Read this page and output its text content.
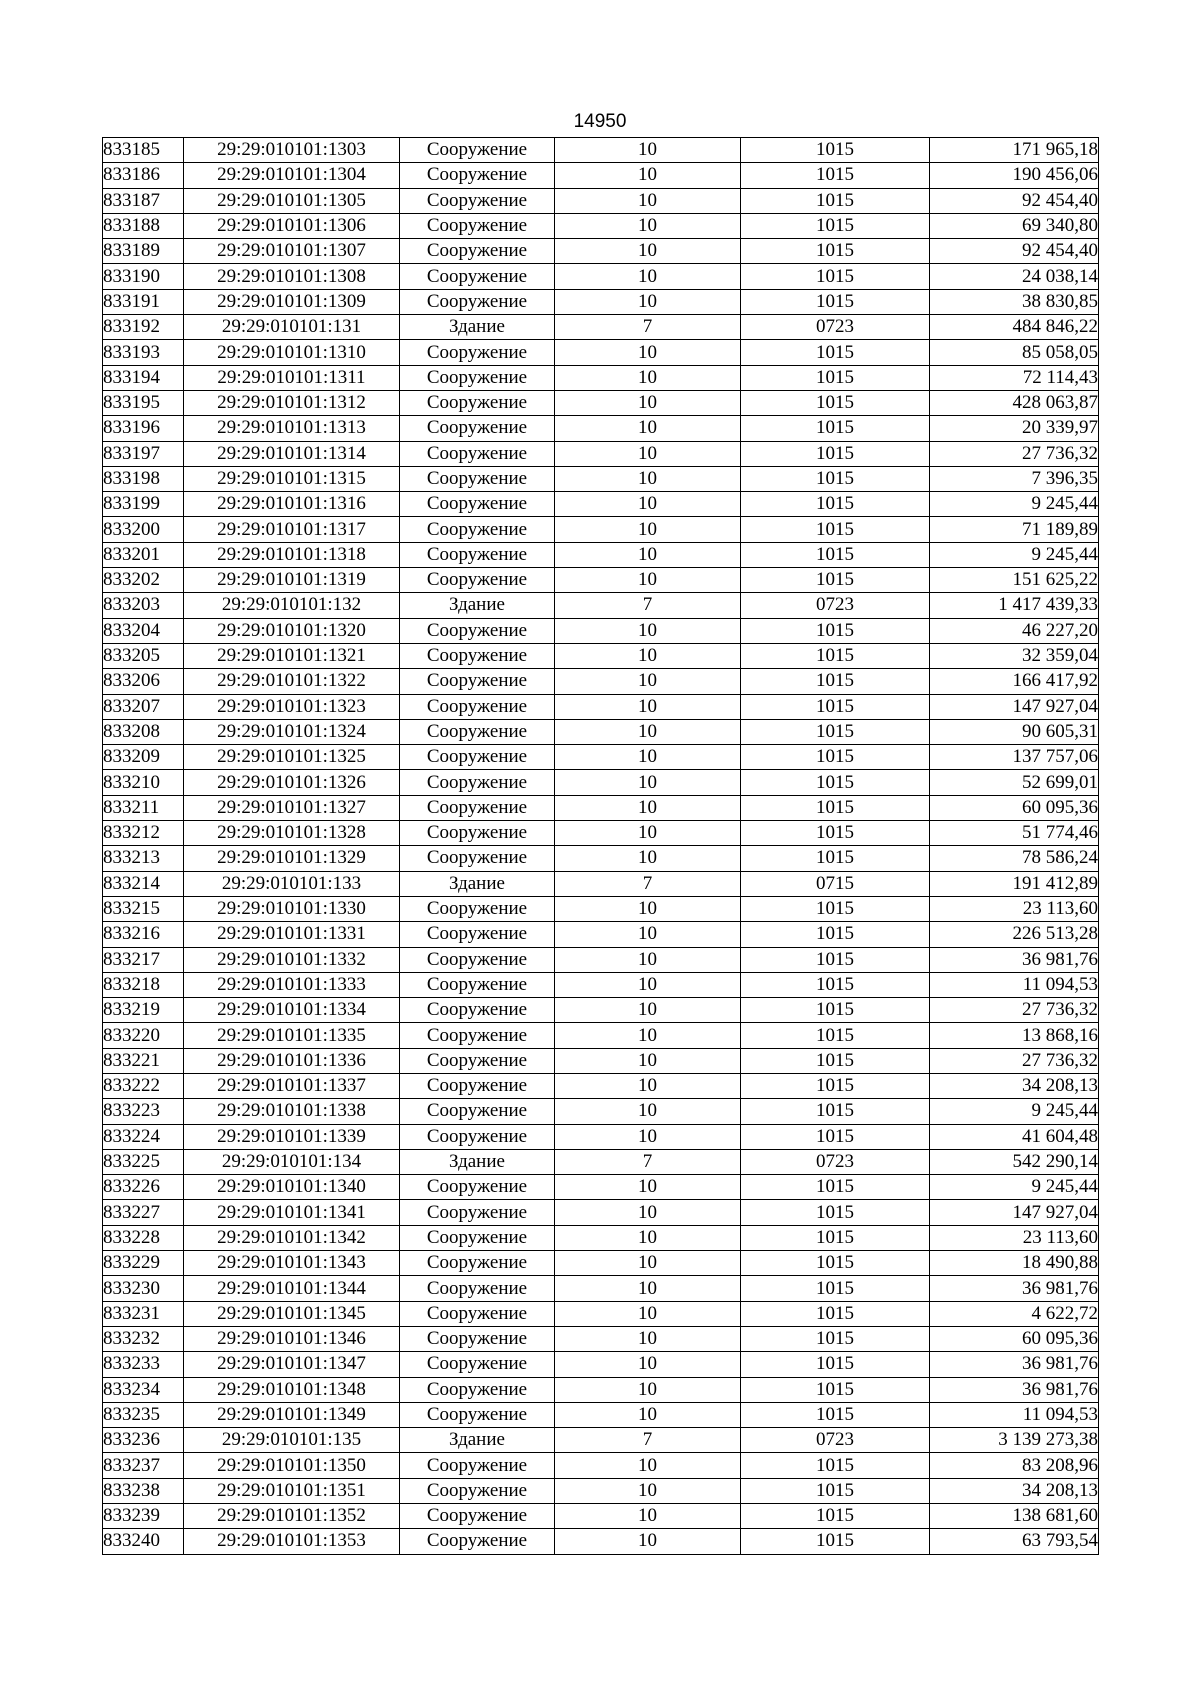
14950
833185	29:29:010101:1303	Сооружение	10	1015	171 965,18
833186	29:29:010101:1304	Сооружение	10	1015	190 456,06
833187	29:29:010101:1305	Сооружение	10	1015	92 454,40
833188	29:29:010101:1306	Сооружение	10	1015	69 340,80
833189	29:29:010101:1307	Сооружение	10	1015	92 454,40
833190	29:29:010101:1308	Сооружение	10	1015	24 038,14
833191	29:29:010101:1309	Сооружение	10	1015	38 830,85
833192	29:29:010101:131	Здание	7	0723	484 846,22
833193	29:29:010101:1310	Сооружение	10	1015	85 058,05
833194	29:29:010101:1311	Сооружение	10	1015	72 114,43
833195	29:29:010101:1312	Сооружение	10	1015	428 063,87
833196	29:29:010101:1313	Сооружение	10	1015	20 339,97
833197	29:29:010101:1314	Сооружение	10	1015	27 736,32
833198	29:29:010101:1315	Сооружение	10	1015	7 396,35
833199	29:29:010101:1316	Сооружение	10	1015	9 245,44
833200	29:29:010101:1317	Сооружение	10	1015	71 189,89
833201	29:29:010101:1318	Сооружение	10	1015	9 245,44
833202	29:29:010101:1319	Сооружение	10	1015	151 625,22
833203	29:29:010101:132	Здание	7	0723	1 417 439,33
833204	29:29:010101:1320	Сооружение	10	1015	46 227,20
833205	29:29:010101:1321	Сооружение	10	1015	32 359,04
833206	29:29:010101:1322	Сооружение	10	1015	166 417,92
833207	29:29:010101:1323	Сооружение	10	1015	147 927,04
833208	29:29:010101:1324	Сооружение	10	1015	90 605,31
833209	29:29:010101:1325	Сооружение	10	1015	137 757,06
833210	29:29:010101:1326	Сооружение	10	1015	52 699,01
833211	29:29:010101:1327	Сооружение	10	1015	60 095,36
833212	29:29:010101:1328	Сооружение	10	1015	51 774,46
833213	29:29:010101:1329	Сооружение	10	1015	78 586,24
833214	29:29:010101:133	Здание	7	0715	191 412,89
833215	29:29:010101:1330	Сооружение	10	1015	23 113,60
833216	29:29:010101:1331	Сооружение	10	1015	226 513,28
833217	29:29:010101:1332	Сооружение	10	1015	36 981,76
833218	29:29:010101:1333	Сооружение	10	1015	11 094,53
833219	29:29:010101:1334	Сооружение	10	1015	27 736,32
833220	29:29:010101:1335	Сооружение	10	1015	13 868,16
833221	29:29:010101:1336	Сооружение	10	1015	27 736,32
833222	29:29:010101:1337	Сооружение	10	1015	34 208,13
833223	29:29:010101:1338	Сооружение	10	1015	9 245,44
833224	29:29:010101:1339	Сооружение	10	1015	41 604,48
833225	29:29:010101:134	Здание	7	0723	542 290,14
833226	29:29:010101:1340	Сооружение	10	1015	9 245,44
833227	29:29:010101:1341	Сооружение	10	1015	147 927,04
833228	29:29:010101:1342	Сооружение	10	1015	23 113,60
833229	29:29:010101:1343	Сооружение	10	1015	18 490,88
833230	29:29:010101:1344	Сооружение	10	1015	36 981,76
833231	29:29:010101:1345	Сооружение	10	1015	4 622,72
833232	29:29:010101:1346	Сооружение	10	1015	60 095,36
833233	29:29:010101:1347	Сооружение	10	1015	36 981,76
833234	29:29:010101:1348	Сооружение	10	1015	36 981,76
833235	29:29:010101:1349	Сооружение	10	1015	11 094,53
833236	29:29:010101:135	Здание	7	0723	3 139 273,38
833237	29:29:010101:1350	Сооружение	10	1015	83 208,96
833238	29:29:010101:1351	Сооружение	10	1015	34 208,13
833239	29:29:010101:1352	Сооружение	10	1015	138 681,60
833240	29:29:010101:1353	Сооружение	10	1015	63 793,54
